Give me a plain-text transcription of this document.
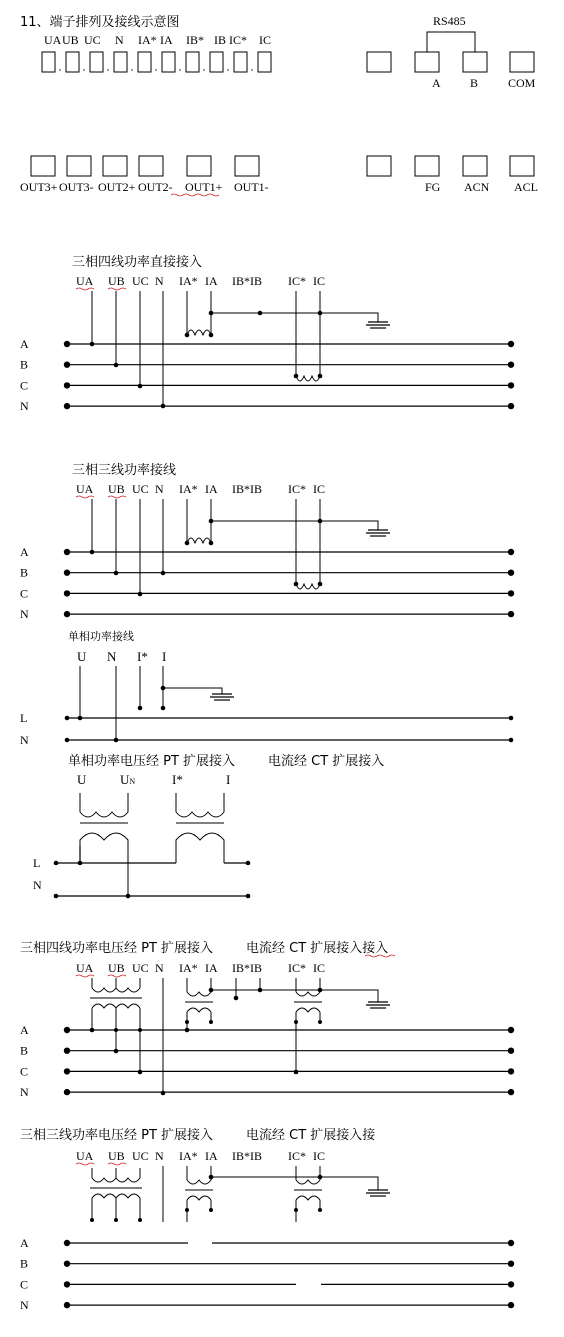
11、端子排列及接线示意图
UA UB UC N IA* IA IB* IB IC* IC
RS485
A B COM
OUT3+ OUT3- OUT2+ OUT2- OUT1+ OUT1-	FG ACN ACL
三相四线功率直接接入
UA UB UC N IA* IA IB*IB IC* IC
A
B
C
N
三相三线功率接线
UA UB UC N IA* IA IB*IB IC* IC
A
B
C
N
单相功率接线
U N I* I
L
N
单相功率电压经 PT 扩展接入	电流经 CT 扩展接入
U	UN	I*	I
L
N
三相四线功率电压经 PT 扩展接入	电流经 CT 扩展接入接入
UA UB UC N IA* IA IB*IB IC* IC
A
B
C
N
三相三线功率电压经 PT 扩展接入	电流经 CT 扩展接入接
UA UB UC N IA* IA IB*IB IC* IC
A
B
C
N
